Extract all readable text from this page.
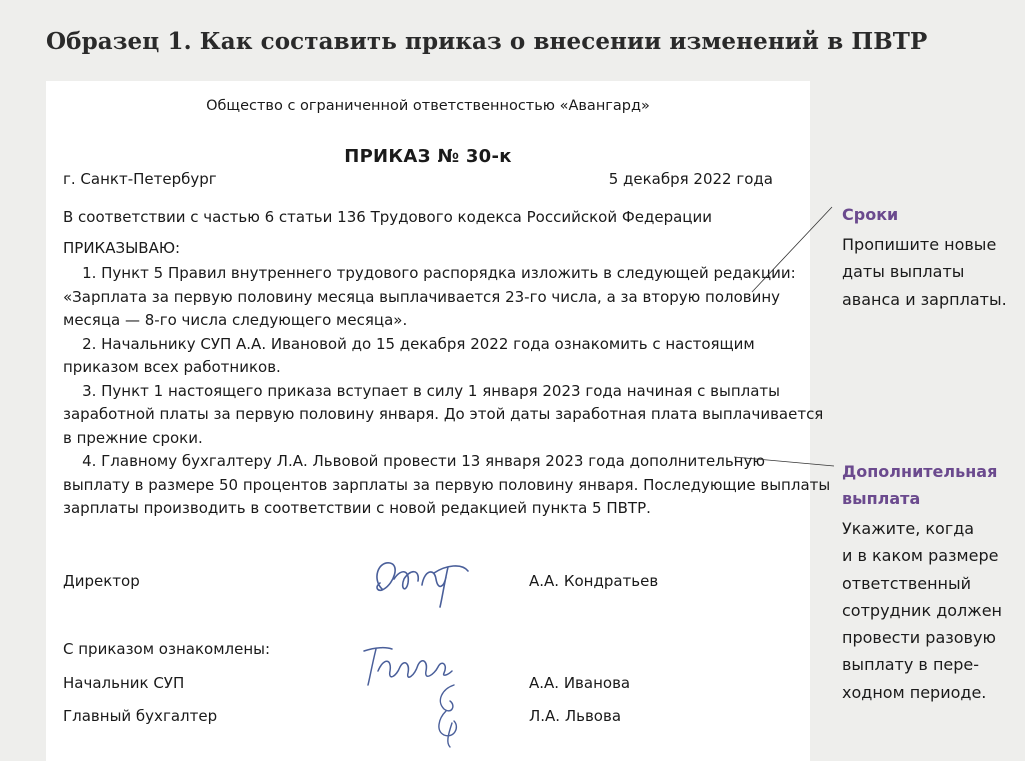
Образец 1. Как составить приказ о внесении изменений в ПВТР
Общество с ограниченной ответственностью «Авангард»
ПРИКАЗ № 30-к
г. Санкт-Петербург	5 декабря 2022 года
В соответствии с частью 6 статьи 136 Трудового кодекса Российской Федерации
ПРИКАЗЫВАЮ:
1. Пункт 5 Правил внутреннего трудового распорядка изложить в следующей редакции:
«Зарплата за первую половину месяца выплачивается 23-го числа, а за вторую половину
месяца — 8-го числа следующего месяца».
2. Начальнику СУП А.А. Ивановой до 15 декабря 2022 года ознакомить с настоящим
приказом всех работников.
3. Пункт 1 настоящего приказа вступает в силу 1 января 2023 года начиная с выплаты
заработной платы за первую половину января. До этой даты заработная плата выплачивается
в прежние сроки.
4. Главному бухгалтеру Л.А. Львовой провести 13 января 2023 года дополнительную
выплату в размере 50 процентов зарплаты за первую половину января. Последующие выплаты
зарплаты производить в соответствии с новой редакцией пункта 5 ПВТР.
Директор	А.А. Кондратьев
С приказом ознакомлены:
Начальник СУП	А.А. Иванова
Главный бухгалтер	Л.А. Львова
Сроки
Пропишите новые
даты выплаты
аванса и зарплаты.
Дополнительная
выплата
Укажите, когда
и в каком размере
ответственный
сотрудник должен
провести разовую
выплату в пере-
ходном периоде.
